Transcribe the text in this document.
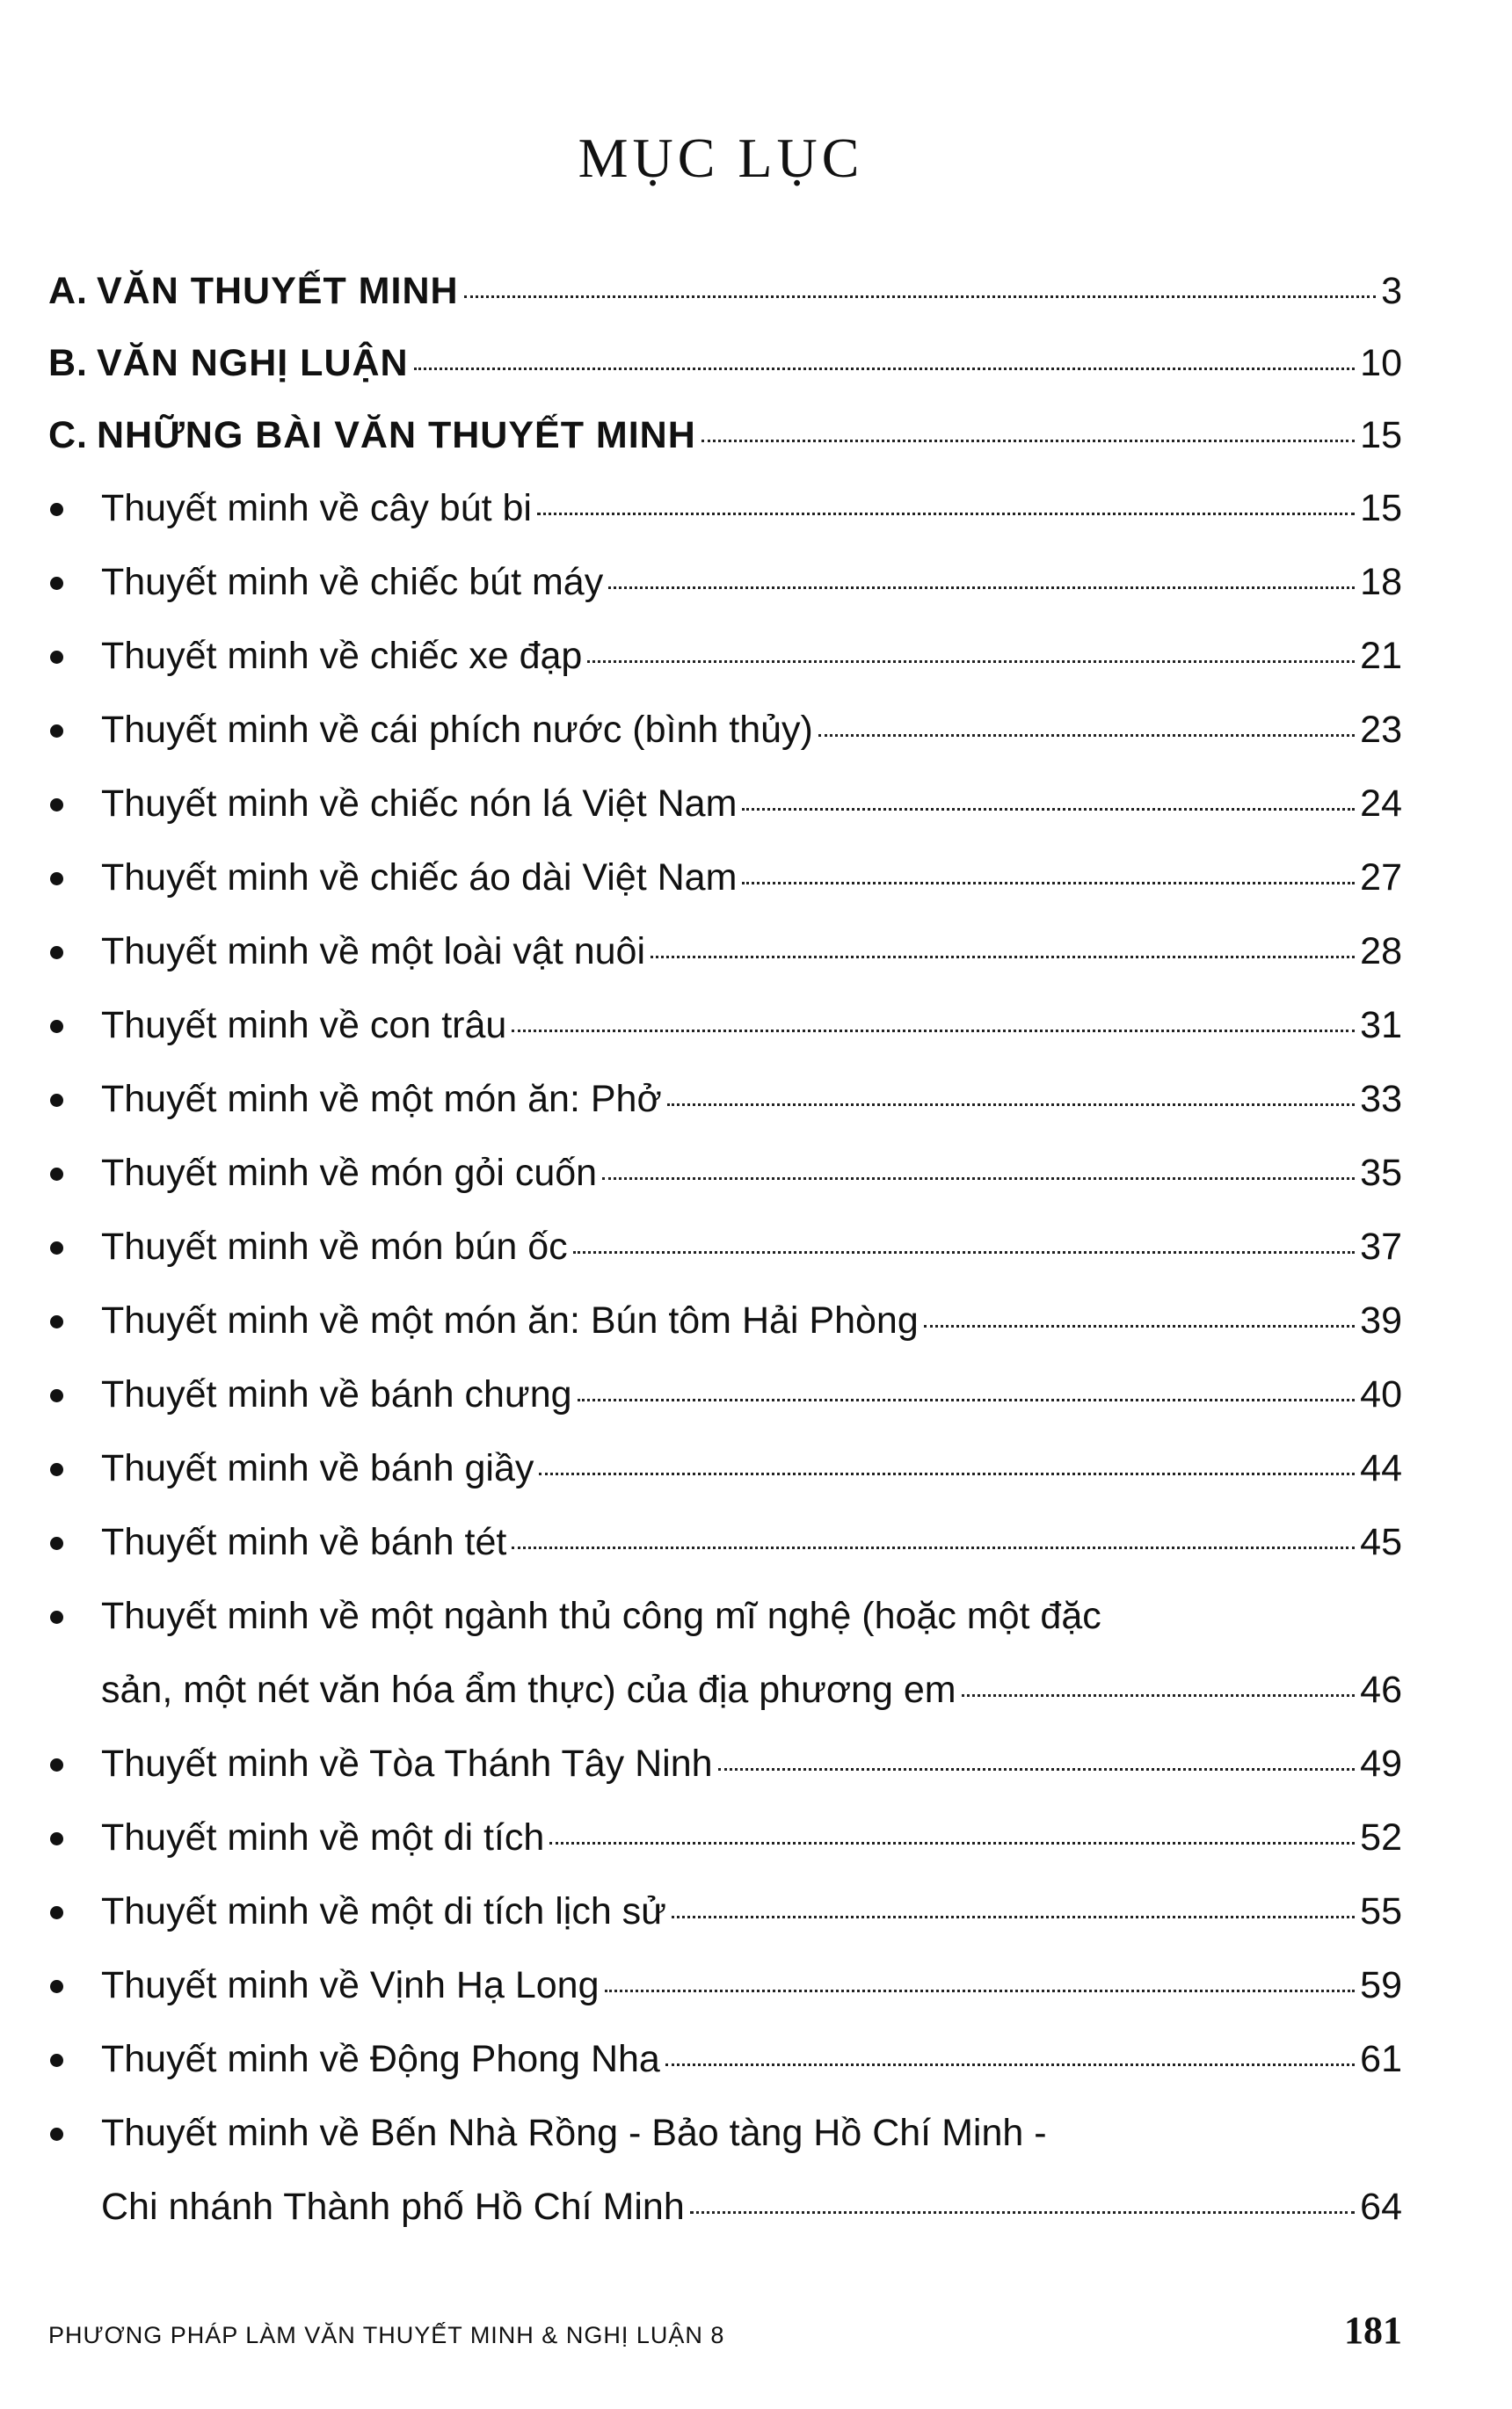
MỤC LỤC
A. VĂN THUYẾT MINH	3
B. VĂN NGHỊ LUẬN	10
C. NHỮNG BÀI VĂN THUYẾT MINH	15
Thuyết minh về cây bút bi	15
Thuyết minh về chiếc bút máy	18
Thuyết minh về chiếc xe đạp	21
Thuyết minh về cái phích nước (bình thủy)	23
Thuyết minh về chiếc nón lá Việt Nam	24
Thuyết minh về chiếc áo dài Việt Nam	27
Thuyết minh về một loài vật nuôi	28
Thuyết minh về con trâu	31
Thuyết minh về một món ăn: Phở	33
Thuyết minh về món gỏi cuốn	35
Thuyết minh về món bún ốc	37
Thuyết minh về một món ăn: Bún tôm Hải Phòng	39
Thuyết minh về bánh chưng	40
Thuyết minh về bánh giầy	44
Thuyết minh về bánh tét	45
Thuyết minh về một ngành thủ công mĩ nghệ (hoặc một đặc
sản, một nét văn hóa ẩm thực) của địa phương em	46
Thuyết minh về Tòa Thánh Tây Ninh	49
Thuyết minh về một di tích	52
Thuyết minh về một di tích lịch sử	55
Thuyết minh về Vịnh Hạ Long	59
Thuyết minh về Động Phong Nha	61
Thuyết minh về Bến Nhà Rồng - Bảo tàng Hồ Chí Minh -
Chi nhánh Thành phố Hồ Chí Minh	64
PHƯƠNG PHÁP LÀM VĂN THUYẾT MINH & NGHỊ LUẬN 8	181
